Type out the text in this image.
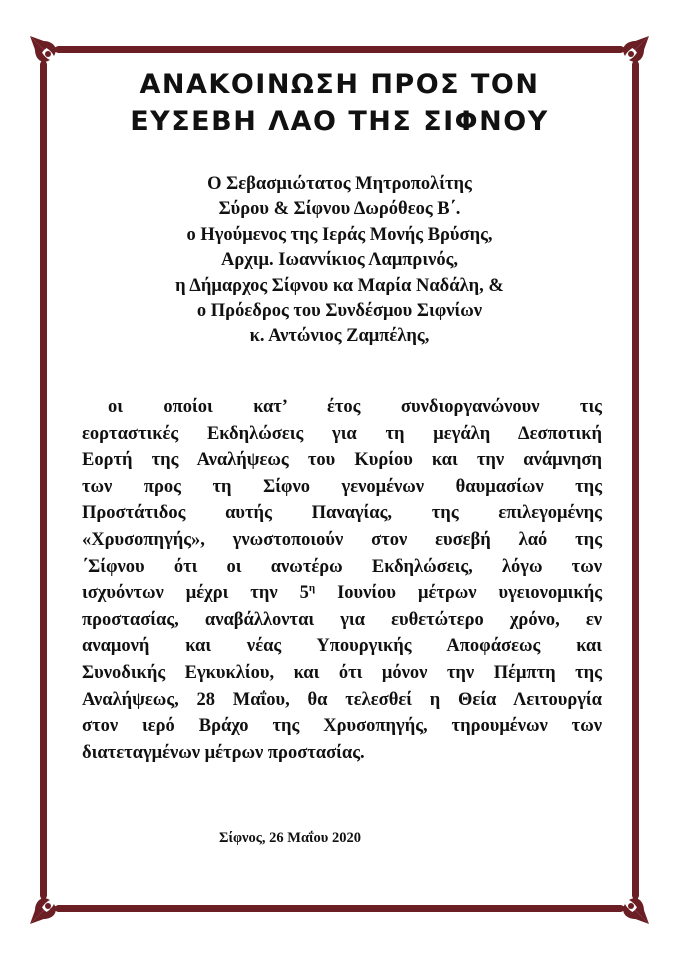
ΑΝΑΚΟΙΝΩΣΗ ΠΡΟΣ ΤΟΝ
ΕΥΣΕΒΗ ΛΑΟ ΤΗΣ ΣΙΦΝΟΥ
Ο Σεβασμιώτατος Μητροπολίτης
Σύρου & Σίφνου Δωρόθεος Β΄.
ο Ηγούμενος της Ιεράς Μονής Βρύσης,
Αρχιμ. Ιωαννίκιος Λαμπρινός,
η Δήμαρχος Σίφνου κα Μαρία Ναδάλη, &
ο Πρόεδρος του Συνδέσμου Σιφνίων
κ. Αντώνιος Ζαμπέλης,
οι οποίοι κατ’ έτος συνδιοργανώνουν τις
εορταστικές Εκδηλώσεις για τη μεγάλη Δεσποτική
Εορτή της Αναλήψεως του Κυρίου και την ανάμνηση
των προς τη Σίφνο γενομένων θαυμασίων της
Προστάτιδος αυτής Παναγίας, της επιλεγομένης
«Χρυσοπηγής», γνωστοποιούν στον ευσεβή λαό της
΄Σίφνου ότι οι ανωτέρω Εκδηλώσεις, λόγω των
ισχυόντων μέχρι την $5^\eta$ Ιουνίου μέτρων υγειονομικής
προστασίας, αναβάλλονται για ευθετώτερο χρόνο, εν
αναμονή και νέας Υπουργικής Αποφάσεως και
Συνοδικής Εγκυκλίου, και ότι μόνον την Πέμπτη της
Αναλήψεως, 28 Μαΐου, θα τελεσθεί η Θεία Λειτουργία
στον ιερό Βράχο της Χρυσοπηγής, τηρουμένων των
διατεταγμένων μέτρων προστασίας.
Σίφνος, 26 Μαΐου 2020
